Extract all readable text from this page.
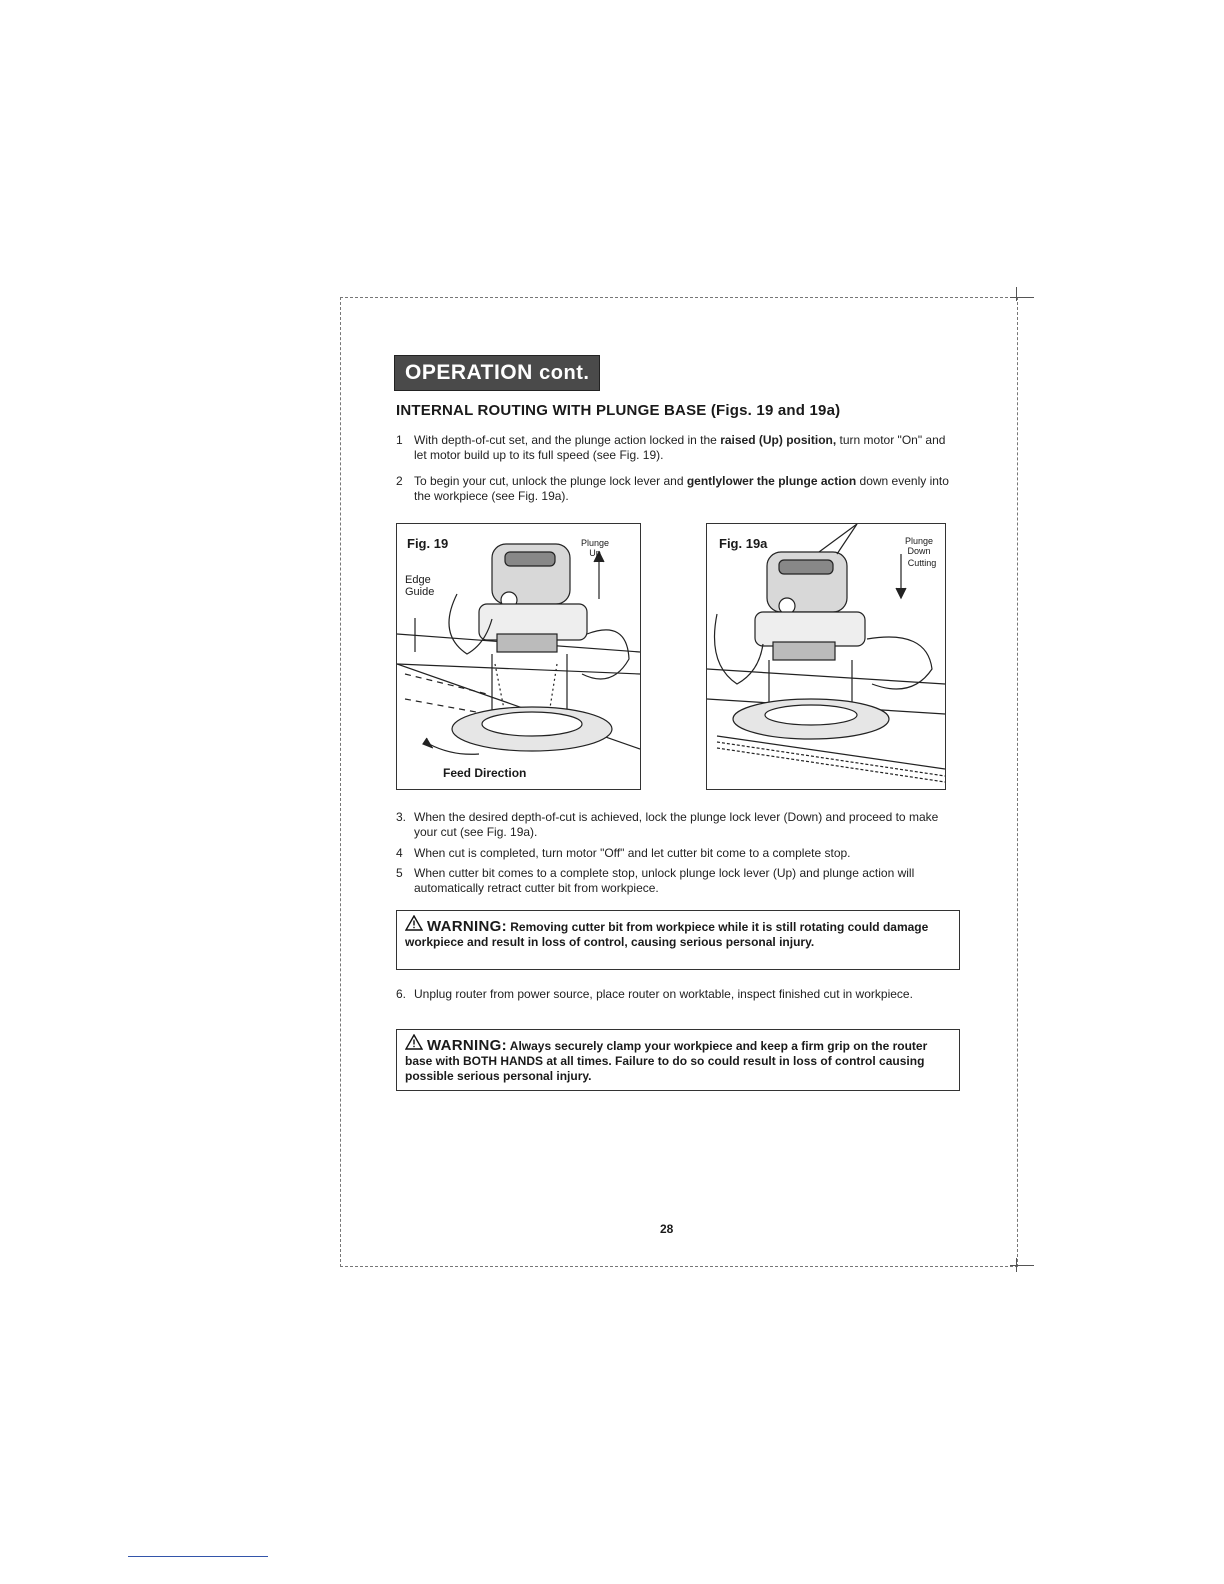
OPERATION cont.
INTERNAL ROUTING WITH PLUNGE BASE (Figs. 19 and 19a)
1 With depth-of-cut set, and the plunge action locked in the raised (Up) position, turn motor "On" and let motor build up to its full speed (see Fig. 19).
2 To begin your cut, unlock the plunge lock lever and gentlylower the plunge action down evenly into the workpiece (see Fig. 19a).
Fig. 19	Plunge Up
Edge Guide
Feed Direction
Fig. 19a	Plunge Down
Cutting
3. When the desired depth-of-cut is achieved, lock the plunge lock lever (Down) and proceed to make your cut (see Fig. 19a).
4 When cut is completed, turn motor "Off" and let cutter bit come to a complete stop.
5 When cutter bit comes to a complete stop, unlock plunge lock lever (Up) and plunge action will automatically retract cutter bit from workpiece.
WARNING: Removing cutter bit from workpiece while it is still rotating could damage workpiece and result in loss of control, causing serious personal injury.
6. Unplug router from power source, place router on worktable, inspect finished cut in workpiece.
WARNING: Always securely clamp your workpiece and keep a firm grip on the router base with BOTH HANDS at all times. Failure to do so could result in loss of control causing possible serious personal injury.
28
